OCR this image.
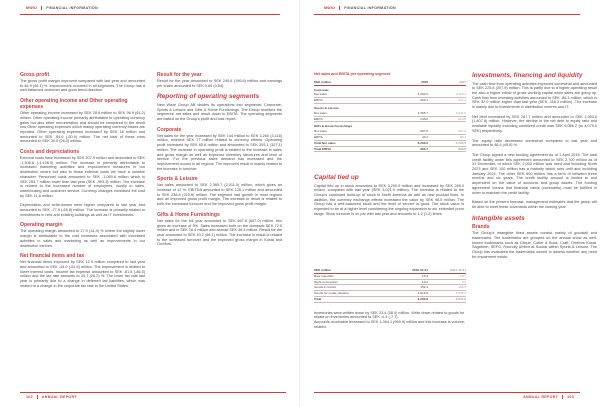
MWID	FINANCIAL INFORMATION
Gross profit

The gross profit margin improved compared with last year and amounted to 46.9 (46.1) %. Improvement occurred in all segments. The Group has a well-balanced customer and good trend direction.

Other operating income and Other operating expenses

Other operating income increased by SEK 28.6 million to SEK 96.9 (61.2) million. Other operating income primarily attributable to operating currency gains but also other remuneration and should be compared to the result row Other operating expenses which mainly operating currency losses are reported. Other operating expenses increased by SEK 18 million and amounted to SEK -64.6 (-50.9) million. The net total of these rows amounted to SEK 30.0 (26.0) million.

Costs and depreciations

External costs have increased by SEK 207.9 million and amounted to SEK -1,306.6 (-1,128.0) million. The increase is primarily attributable to increased marketing activities and improvement measures in our distribution centre but also to those external costs we have a variable character. Personnel costs amounted to SEK -1,069.6 million which is SEK 253.7 million lower than last year (SEK -993.3) million. The increase is related to the increased number of employees, mostly in sales, warehousing and customer service. Currency changes increased the cost by SEK 11.6 million.

Depreciation and write-downs were higher compared to last year and amounted to SEK -77.9 (-65.8) million. The increase is primarily related to investments in new and existing buildings as well as IT investments.

Operating margin

The operating margin amounted to 17.9 (14.4) % where the slightly lower margin is attributable to the cost increases associated with increased activities in sales and marketing as well as improvements in our distribution centres.

Net financial items and tax

Net financial items improved by SEK 12.0 million compared to last year and amounted to SEK -44.0 (-51.6) million. The improvement is related to lower interest costs. Income tax expense amounted to SEK -61.8 (-86.5) million and the tax rate amounts to 19.7 (26.2) %. The lower tax rate last year is primarily due to a change in deferred tax liabilities, which was related to a change in the corporate tax rate in the United States.

Result for the year

Result for the year amounted to SEK 246.6 (196.6) million and earnings per share amounted to SEK 0.66 (0.54).

Reporting of operating segments

New Wave Group AB divides its operations into segments: Corporate, Sports & Leisure and Gifts & Home Furnishings. The Group monitors the segments' net sales and result down to EBITA. The operating segments are based on the Group's profit and loss report.

Corporate

Net sales for the year increased by SEK 144 million to SEK 3,260 (3,116) million, whereof SEK 77 million related to currency effects. Operating profit increased by SEK 65.8 million and amounted to SEK 393.1 (327.1) million. The increase in operating profit is related to the increase in sales and gross margin as well as improved inventory structures and level of service. For the previous sales demand has increased and the improvement occurs in all regions. The improved result is mainly related to the increase in turnover.

Sports & Leisure

Net sales amounted to SEK 2,365.7 (2,011.0) million, which gives an increase of 12 %. EBITDA amounted to SEK 128.1 million and amounted to SEK 238.8 (210.6) million. The segment had growth in most regions and an improved gross profit margin. The increase in result is related to both the increased turnover and the improved gross profit margin.

Gifts & Home Furnishings

Net sales for the full year amounted to SEK 667.8 (607.0) million, this gives an increase of 9%. Sales increased both on the domestic SEK 72.5 million and in SEK 16.4 million and abroad SEK 36.4 million. Result for the year amounted to SEK 43.2 (66.1) million. The increase in result is related to the increased turnover and the improved gross margin in Kosta and Orrefors.

102	ANNUAL REPORT
MWID	FINANCIAL INFORMATION
Net sales and EBITA per operating segment
SEK million	2018	2017
Corporate
Net sales	3,260.2	3,116.4
EBITA	393.1	327.1
Sports & Leisure
Net sales	2,365.7	2,011.0
EBITA	238.8	210.6
Gifts & Home Furnishings
Net sales	667.8	607.0
EBITA	43.2	66.1
Total Net sales	6,293.6	5,734.4
Total EBITA	683.7	603.8
Capital tied up

Capital tied up in stock amounted to SEK 3,290.9 million and increased by SEK 269.0 million, compared with last year (SEK 3,021.9 million). The increase is related to the Group's continued build-up of stock in North America as well as new product lines. In addition, the currency exchange effects increased the value by SEK 98.5 million. The Group has a well-balanced stock and the level of service is good. The stock value is expected to be at a higher level considering the ongoing expansion to our extended prom range. Stock turnover is on par with last year and amounts to 1.2 (1.2) times.

SEK million	2018-12-31	2017-12-31
Raw materials	15.3	13.7
Work-in-progress	10.3	9.7
Goods in transit	152.4	153.3
Goods for resale (stocks)	2,916.6	2,635.3
Total	3,290.9	3,021.9

Inventories were written down by SEK 23.4 (38.0) million. Write-down related to goods for resale on inventories amounted to SEK -0.4 (-7.7).

Accounts receivable increased to SEK 1,064.1 (969.9) million and this increase is volume-related.

Investments, financing and liquidity

The cash flow from operating activities improved somewhat and amounted to SEK 225.8 (207.9) million. This is partly due to a higher operating result but also a higher inflow of gross working capital when sales are going up. Cash flow from investing activities amounted to SEK -86.3 million, which is SEK 32.0 million higher than last year (SEK -118.3 million). The increase is mainly due to investments in distribution centres and IT.

Net debt increased by SEK 287.7 million and amounted to SEK 1,993.6 (1,807.8) million. However, the decline in the net debt to equity ratio and available liquidity including unutilized credit was SEK 6,066.2 (to 4,079.0 SEK) respectively.

The equity ratio decreased somewhat compared to last year and amounted to 48.4 (49.6) %.

The Group signed a new funding agreement as of 1 April 2018. The total credit facility under this agreement amounted to SEK 2,700 million as of 31 December, of which SEK 2,000 million was used and including North 2023 and SEK 100 million has a maturity which runs until and including January 2024. The other SEK 600 million has a term of between three months and six years. The credit facility amount is limited to and dependent on the value of accounts and group assets. The funding agreement means that financial ratios (covenants) must be fulfilled in order to maintain the credit facility.

Based on the present forecast, management estimates that the group will be able to meet these covenants within the coming year.

Intangible assets
Brands

The Group's intangible fixed assets consist mainly of goodwill and trademarks. The trademarks are grouped on the annual show as well-known trademarks such as Clique, Cutter & Buck, Craft, Orrefors Kosta, Sagaform, SEFG, Roundly Umbro at Sockar within Sports & Leisure. The Group has evaluated the trademarks owned to assess whether any need for impairment exists.

ANNUAL REPORT	103
